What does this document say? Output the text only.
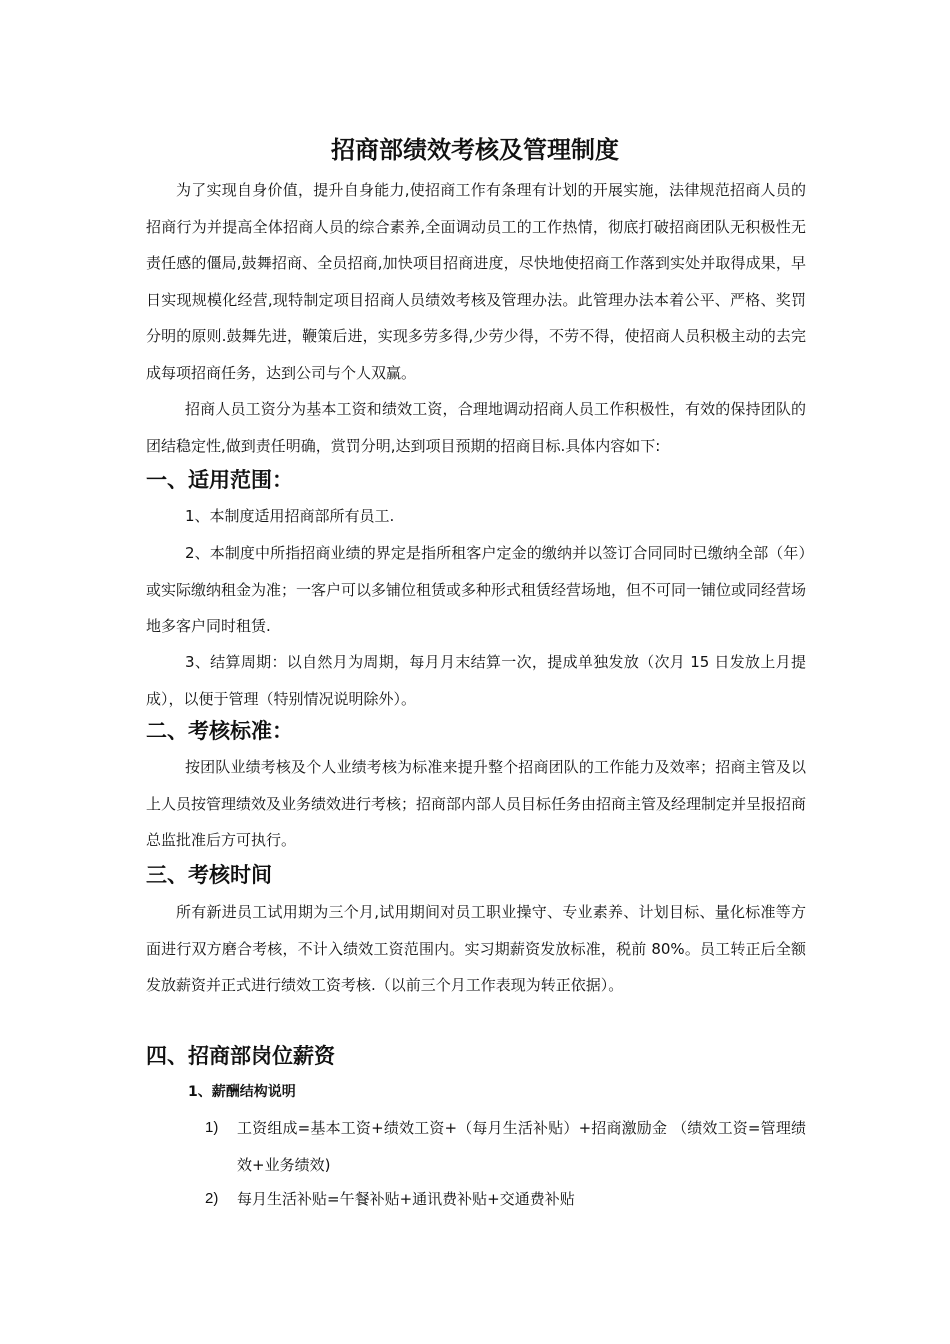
招商部绩效考核及管理制度

为了实现自身价值，提升自身能力,使招商工作有条理有计划的开展实施，法律规范招商人员的招商行为并提高全体招商人员的综合素养,全面调动员工的工作热情，彻底打破招商团队无积极性无责任感的僵局,鼓舞招商、全员招商,加快项目招商进度，尽快地使招商工作落到实处并取得成果，早日实现规模化经营,现特制定项目招商人员绩效考核及管理办法。此管理办法本着公平、严格、奖罚分明的原则.鼓舞先进，鞭策后进，实现多劳多得,少劳少得，不劳不得，使招商人员积极主动的去完成每项招商任务，达到公司与个人双赢。

招商人员工资分为基本工资和绩效工资，合理地调动招商人员工作积极性，有效的保持团队的团结稳定性,做到责任明确，赏罚分明,达到项目预期的招商目标.具体内容如下:

一、适用范围：

1、本制度适用招商部所有员工.

2、本制度中所指招商业绩的界定是指所租客户定金的缴纳并以签订合同同时已缴纳全部（年）或实际缴纳租金为准；一客户可以多铺位租赁或多种形式租赁经营场地，但不可同一铺位或同经营场地多客户同时租赁.

3、结算周期：以自然月为周期，每月月末结算一次，提成单独发放（次月 15 日发放上月提成），以便于管理（特别情况说明除外）。

二、考核标准：

按团队业绩考核及个人业绩考核为标准来提升整个招商团队的工作能力及效率；招商主管及以上人员按管理绩效及业务绩效进行考核；招商部内部人员目标任务由招商主管及经理制定并呈报招商总监批准后方可执行。

三、考核时间

所有新进员工试用期为三个月,试用期间对员工职业操守、专业素养、计划目标、量化标准等方面进行双方磨合考核，不计入绩效工资范围内。实习期薪资发放标准，税前 80%。员工转正后全额发放薪资并正式进行绩效工资考核.（以前三个月工作表现为转正依据）。

四、招商部岗位薪资
1、薪酬结构说明
1)	工资组成=基本工资+绩效工资+（每月生活补贴）+招商激励金 （绩效工资=管理绩效+业务绩效)
2)	每月生活补贴=午餐补贴+通讯费补贴+交通费补贴
